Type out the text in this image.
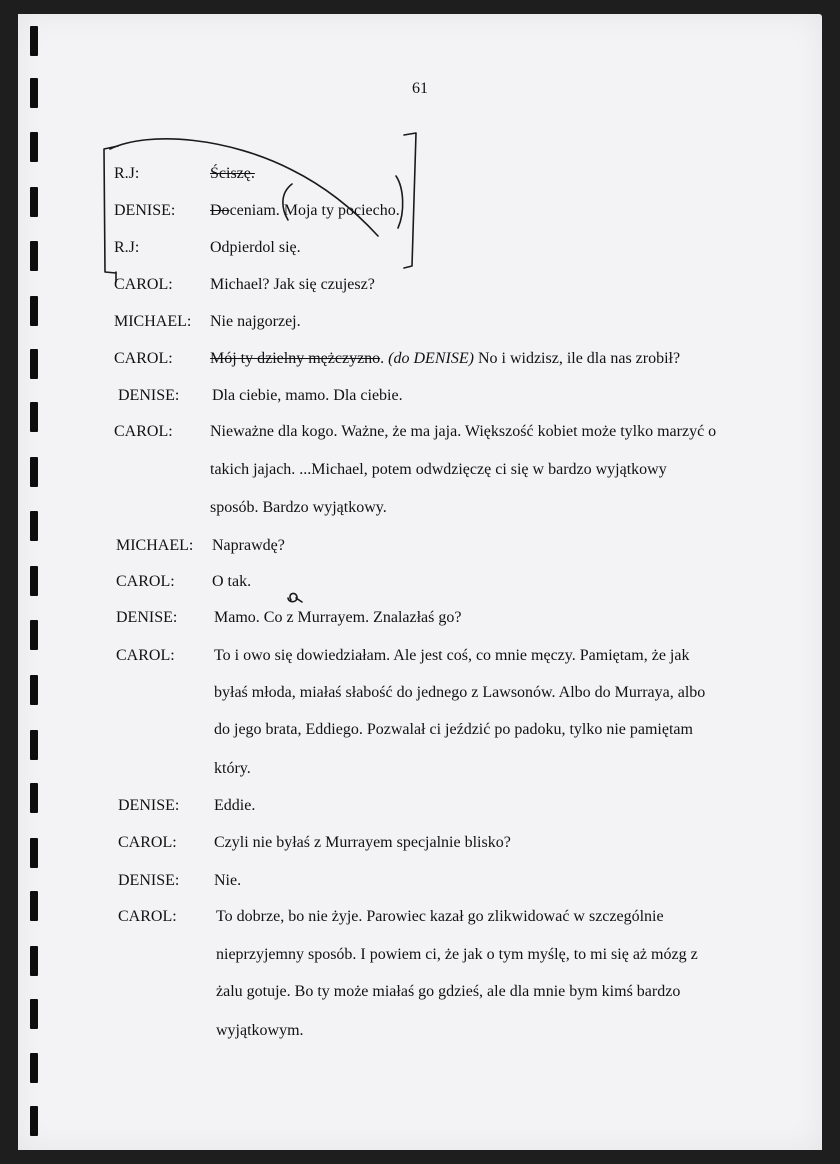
61
R.J:	Ściszę.
DENISE: Doceniam. Moja ty pociecho.
R.J:	Odpierdol się.
CAROL: Michael? Jak się czujesz?
MICHAEL: Nie najgorzej.
CAROL: Mój ty dzielny mężczyzno. (do DENISE) No i widzisz, ile dla nas zrobił?
DENISE: Dla ciebie, mamo. Dla ciebie.
CAROL: Nieważne dla kogo. Ważne, że ma jaja. Większość kobiet może tylko marzyć o
takich jajach. ...Michael, potem odwdzięczę ci się w bardzo wyjątkowy
sposób. Bardzo wyjątkowy.
MICHAEL: Naprawdę?
CAROL: O tak.
DENISE: Mamo. Co z Murrayem. Znalazłaś go?
CAROL: To i owo się dowiedziałam. Ale jest coś, co mnie męczy. Pamiętam, że jak
byłaś młoda, miałaś słabość do jednego z Lawsonów. Albo do Murraya, albo
do jego brata, Eddiego. Pozwalał ci jeździć po padoku, tylko nie pamiętam
który.
DENISE: Eddie.
CAROL: Czyli nie byłaś z Murrayem specjalnie blisko?
DENISE: Nie.
CAROL: To dobrze, bo nie żyje. Parowiec kazał go zlikwidować w szczególnie
nieprzyjemny sposób. I powiem ci, że jak o tym myślę, to mi się aż mózg z
żalu gotuje. Bo ty może miałaś go gdzieś, ale dla mnie bym kimś bardzo
wyjątkowym.
